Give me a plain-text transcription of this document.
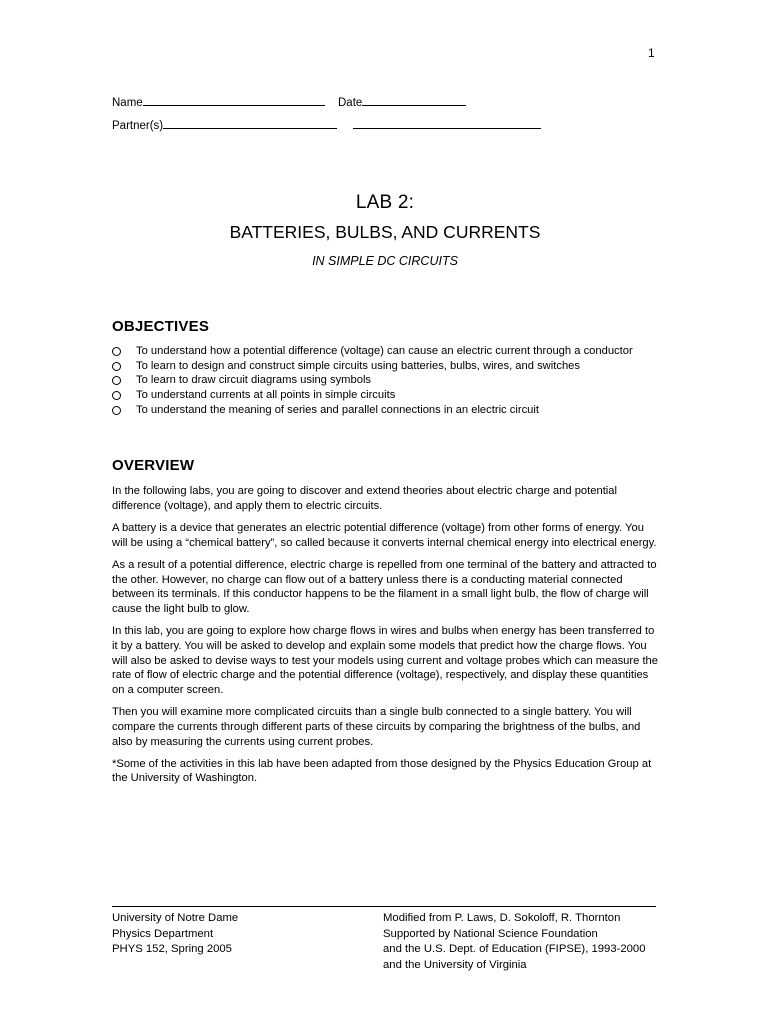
1
Name	Date
Partner(s)
LAB 2:
BATTERIES, BULBS, AND CURRENTS
IN SIMPLE DC CIRCUITS
OBJECTIVES
To understand how a potential difference (voltage) can cause an electric current through a conductor
To learn to design and construct simple circuits using batteries, bulbs, wires, and switches
To learn to draw circuit diagrams using symbols
To understand currents at all points in simple circuits
To understand the meaning of series and parallel connections in an electric circuit
OVERVIEW

In the following labs, you are going to discover and extend theories about electric charge and potential difference (voltage), and apply them to electric circuits.

A battery is a device that generates an electric potential difference (voltage) from other forms of energy. You will be using a “chemical battery”, so called because it converts internal chemical energy into electrical energy.

As a result of a potential difference, electric charge is repelled from one terminal of the battery and attracted to the other. However, no charge can flow out of a battery unless there is a conducting material connected between its terminals. If this conductor happens to be the filament in a small light bulb, the flow of charge will cause the light bulb to glow.

In this lab, you are going to explore how charge flows in wires and bulbs when energy has been transferred to it by a battery. You will be asked to develop and explain some models that predict how the charge flows. You will also be asked to devise ways to test your models using current and voltage probes which can measure the rate of flow of electric charge and the potential difference (voltage), respectively, and display these quantities on a computer screen.

Then you will examine more complicated circuits than a single bulb connected to a single battery. You will compare the currents through different parts of these circuits by comparing the brightness of the bulbs, and also by measuring the currents using current probes.

*Some of the activities in this lab have been adapted from those designed by the Physics Education Group at the University of Washington.

University of Notre Dame
Physics Department
PHYS 152, Spring 2005
Modified from P. Laws, D. Sokoloff, R. Thornton
Supported by National Science Foundation
and the U.S. Dept. of Education (FIPSE), 1993-2000
and the University of Virginia
